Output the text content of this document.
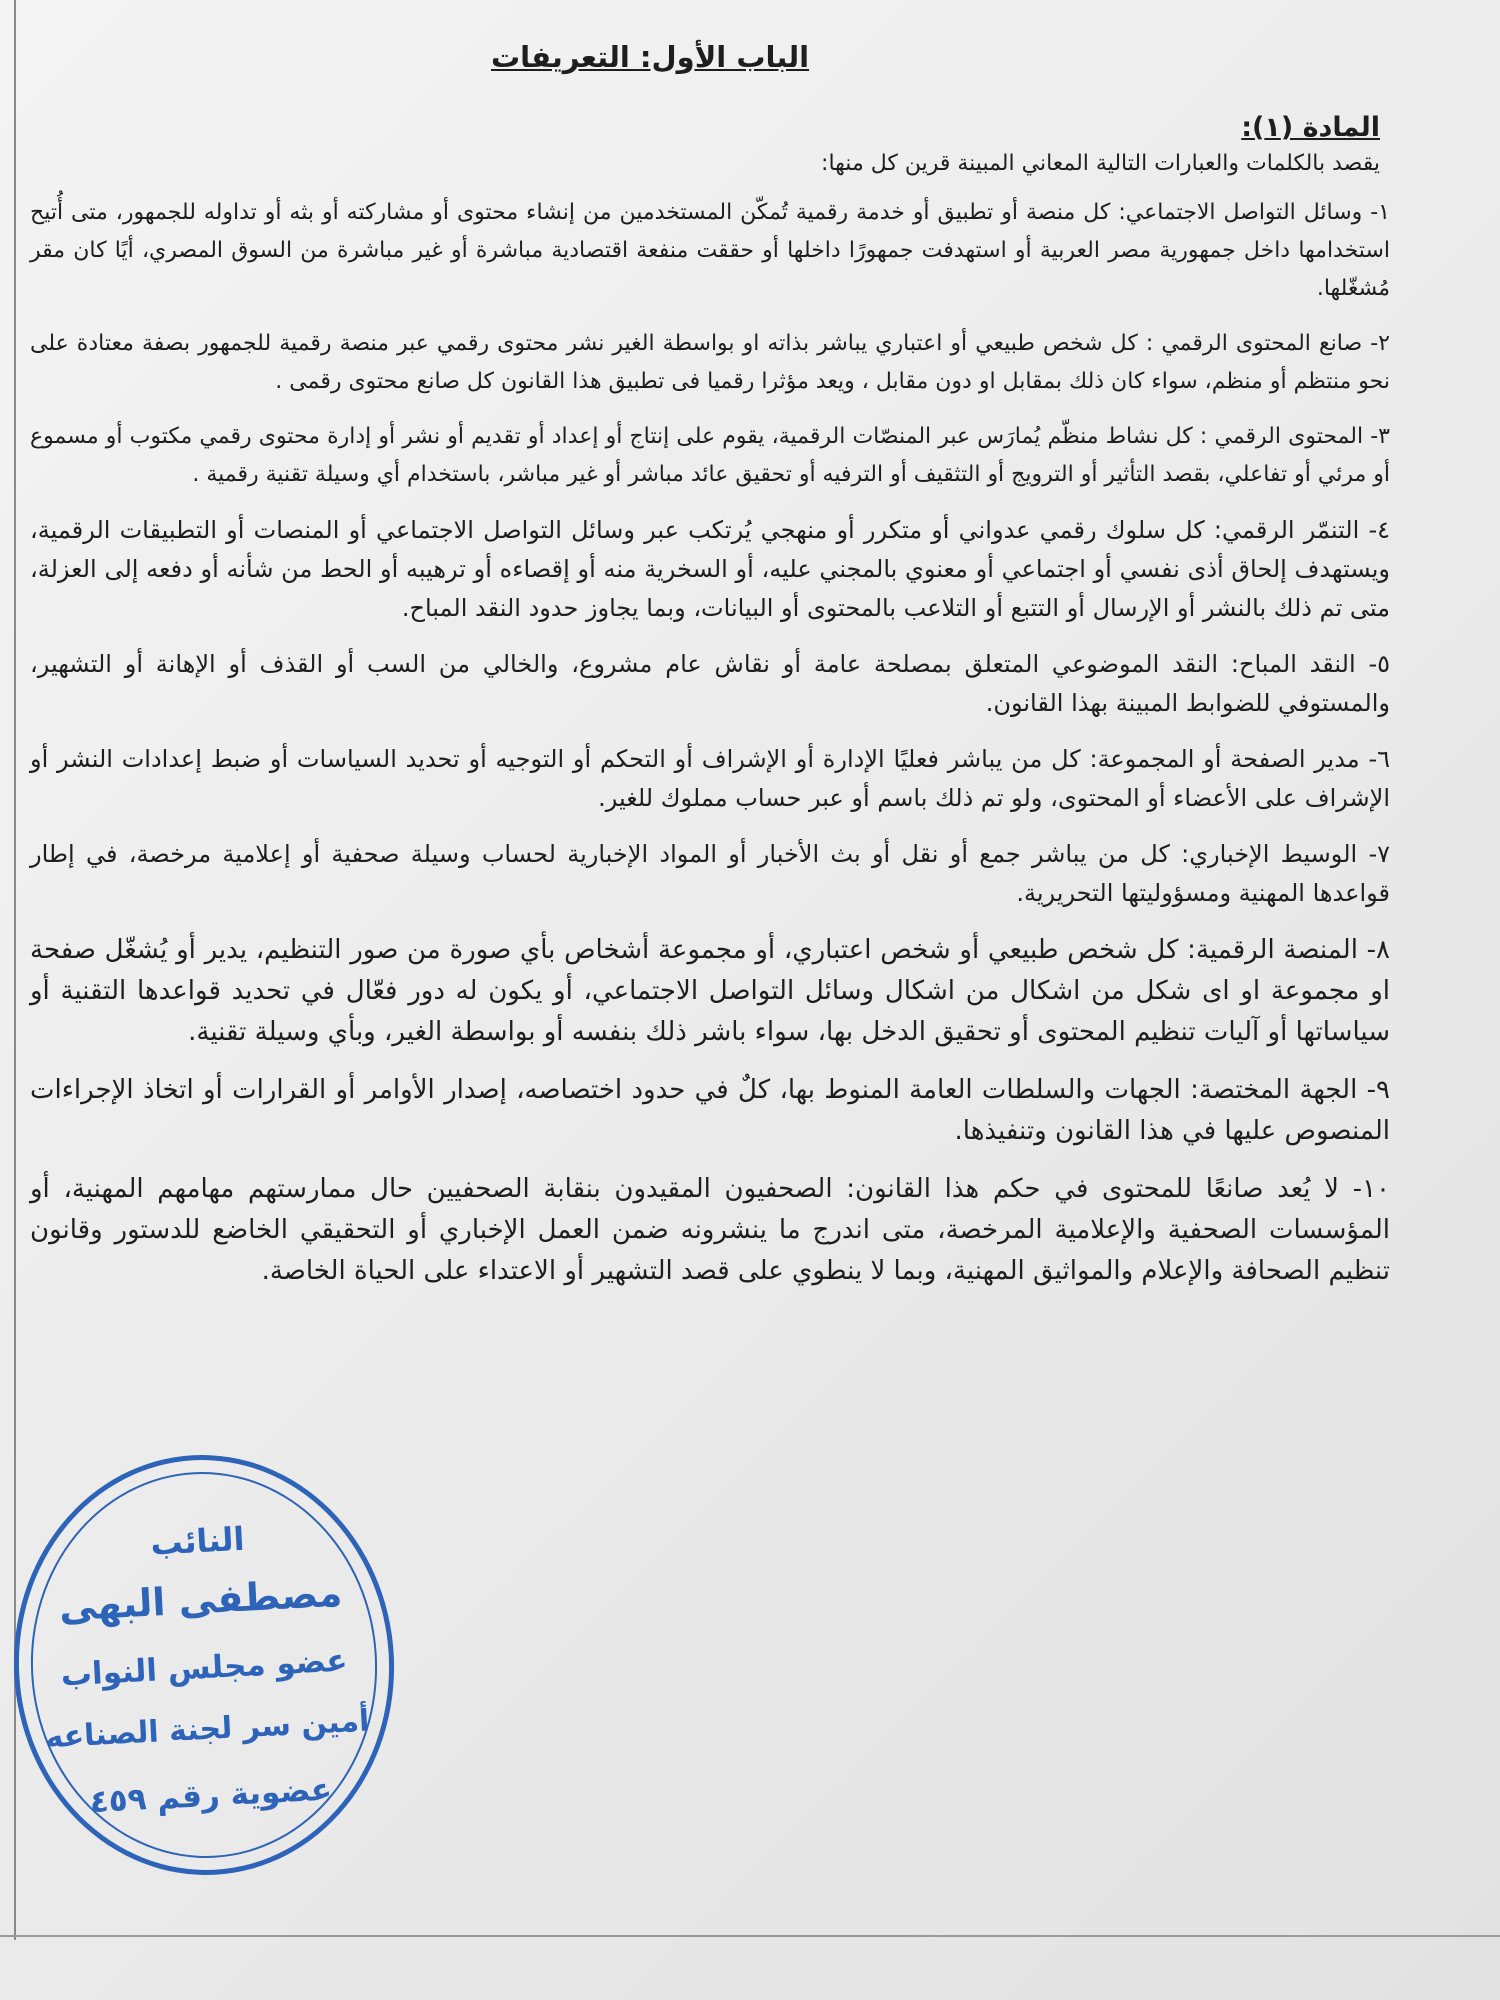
الباب الأول: التعريفات
المادة (١):
يقصد بالكلمات والعبارات التالية المعاني المبينة قرين كل منها:

١- وسائل التواصل الاجتماعي: كل منصة أو تطبيق أو خدمة رقمية تُمكّن المستخدمين من إنشاء محتوى أو مشاركته أو بثه أو تداوله للجمهور، متى أُتيح استخدامها داخل جمهورية مصر العربية أو استهدفت جمهورًا داخلها أو حققت منفعة اقتصادية مباشرة أو غير مباشرة من السوق المصري، أيًا كان مقر مُشغّلها.

٢- صانع المحتوى الرقمي : كل شخص طبيعي أو اعتباري يباشر بذاته او بواسطة الغير نشر محتوى رقمي عبر منصة رقمية للجمهور بصفة معتادة على نحو منتظم أو منظم، سواء كان ذلك بمقابل او دون مقابل ، ويعد مؤثرا رقميا فى تطبيق هذا القانون كل صانع محتوى رقمى .

٣- المحتوى الرقمي : كل نشاط منظّم يُمارَس عبر المنصّات الرقمية، يقوم على إنتاج أو إعداد أو تقديم أو نشر أو إدارة محتوى رقمي مكتوب أو مسموع أو مرئي أو تفاعلي، بقصد التأثير أو الترويج أو التثقيف أو الترفيه أو تحقيق عائد مباشر أو غير مباشر، باستخدام أي وسيلة تقنية رقمية .

٤- التنمّر الرقمي: كل سلوك رقمي عدواني أو متكرر أو منهجي يُرتكب عبر وسائل التواصل الاجتماعي أو المنصات أو التطبيقات الرقمية، ويستهدف إلحاق أذى نفسي أو اجتماعي أو معنوي بالمجني عليه، أو السخرية منه أو إقصاءه أو ترهيبه أو الحط من شأنه أو دفعه إلى العزلة، متى تم ذلك بالنشر أو الإرسال أو التتبع أو التلاعب بالمحتوى أو البيانات، وبما يجاوز حدود النقد المباح.

٥- النقد المباح: النقد الموضوعي المتعلق بمصلحة عامة أو نقاش عام مشروع، والخالي من السب أو القذف أو الإهانة أو التشهير، والمستوفي للضوابط المبينة بهذا القانون.

٦- مدير الصفحة أو المجموعة: كل من يباشر فعليًا الإدارة أو الإشراف أو التحكم أو التوجيه أو تحديد السياسات أو ضبط إعدادات النشر أو الإشراف على الأعضاء أو المحتوى، ولو تم ذلك باسم أو عبر حساب مملوك للغير.

٧- الوسيط الإخباري: كل من يباشر جمع أو نقل أو بث الأخبار أو المواد الإخبارية لحساب وسيلة صحفية أو إعلامية مرخصة، في إطار قواعدها المهنية ومسؤوليتها التحريرية.

٨- المنصة الرقمية: كل شخص طبيعي أو شخص اعتباري، أو مجموعة أشخاص بأي صورة من صور التنظيم، يدير أو يُشغّل صفحة او مجموعة او اى شكل من اشكال من اشكال وسائل التواصل الاجتماعي، أو يكون له دور فعّال في تحديد قواعدها التقنية أو سياساتها أو آليات تنظيم المحتوى أو تحقيق الدخل بها، سواء باشر ذلك بنفسه أو بواسطة الغير، وبأي وسيلة تقنية.

٩- الجهة المختصة: الجهات والسلطات العامة المنوط بها، كلٌ في حدود اختصاصه، إصدار الأوامر أو القرارات أو اتخاذ الإجراءات المنصوص عليها في هذا القانون وتنفيذها.

١٠- لا يُعد صانعًا للمحتوى في حكم هذا القانون: الصحفيون المقيدون بنقابة الصحفيين حال ممارستهم مهامهم المهنية، أو المؤسسات الصحفية والإعلامية المرخصة، متى اندرج ما ينشرونه ضمن العمل الإخباري أو التحقيقي الخاضع للدستور وقانون تنظيم الصحافة والإعلام والمواثيق المهنية، وبما لا ينطوي على قصد التشهير أو الاعتداء على الحياة الخاصة.

النائب
مصطفى البهى
عضو مجلس النواب
أمين سر لجنة الصناعه
عضوية رقم ٤٥٩
